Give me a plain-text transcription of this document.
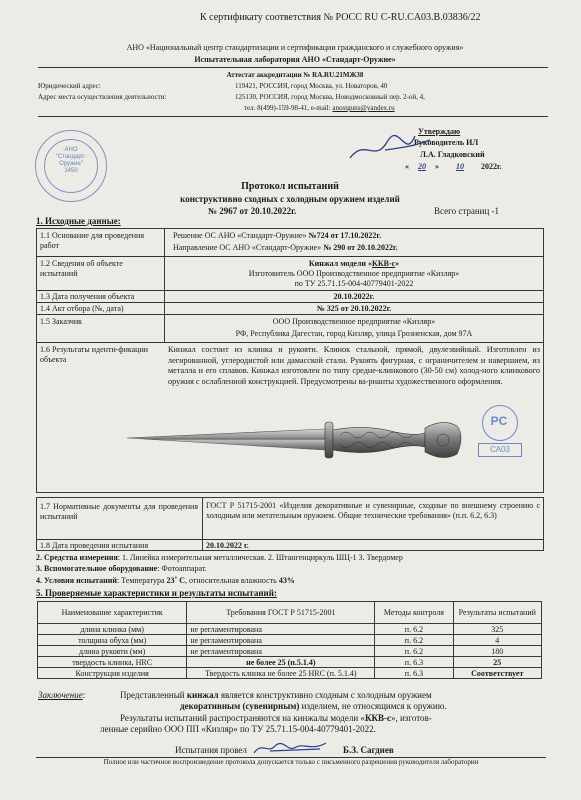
К сертификату соответствия № РОСС RU С-RU.CA03.B.03836/22
АНО «Национальный центр стандартизации и сертификации гражданского и служебного оружия»
Испытательная лаборатория АНО «Стандарт-Оружие»
Аттестат аккредитации № RA.RU.21МЖ38
Юридический адрес:	119421, РОССИЯ, город Москва, ул. Новаторов, 40
Адрес места осуществления деятельности:	125130, РОССИЯ, город Москва, Новодмосковный пер. 2-ой, 4,
тел. 8(499)-159-98-41, e-mail: anostguns@yandex.ru
АНО
"Стандарт-
Оружие"
1450
Утверждаю
Руководитель ИЛ
Л.А. Гладковский
« 20 » 10 2022г.
Протокол испытаний
конструктивно сходных с холодным оружием изделий
№ 2967 от 20.10.2022г.	Всего страниц -1
1. Исходные данные:
1.1 Основание для проведения работ
Решение ОС АНО «Стандарт-Оружие» №724 от 17.10.2022г.
Направление ОС АНО «Стандарт-Оружие» № 290 от 20.10.2022г.
1.2 Сведения об объекте испытаний
Кинжал модели «ККВ-с»
Изготовитель ООО Производственное предприятие «Кизляр»
по ТУ 25.71.15-004-40779401-2022
1.3 Дата получения объекта	20.10.2022г.
1.4 Акт отбора (№, дата)	№ 325 от 20.10.2022г.
1.5 Заказчик	ООО Производственное предприятие «Кизляр»
РФ, Республика Дагестан, город Кизляр, улица Грозненская, дом 97А
1.6 Результаты иденти-фикации объекта
Кинжал состоит из клинка и рукояти. Клинок стальной, прямой, двулезвийный. Изготовлен из легированной, углеродистой или дамасской стали. Рукоять фигурная, с ограничителем и навершием, из металла и его сплавов. Кинжал изготовлен по типу средне-клинкового (30-50 см) холод-ного клинкового оружия с ослабленной конструкцией. Предусмотрены ва-рианты художественного оформления.
PC
СА03
1.7 Нормативные документы для проведения испытаний
ГОСТ Р 51715-2001 «Изделия декоративные и сувенирные, сходные по внешнему строению с холодным или метательным оружием. Общие технические требования» (п.п. 6.2, 6.3)
1.8 Дата проведения испытания	20.10.2022 г.
2. Средства измерения: 1. Линейка измерительная металлическая. 2. Штангенциркуль ШЦ-1 3. Твердомер
3. Вспомогательное оборудование: Фотоаппарат.
4. Условия испытаний: Температура 23˚ С, относительная влажность 43%
5. Проверяемые характеристики и результаты испытаний:
Наименование характеристик	Требования ГОСТ Р 51715-2001	Методы контроля	Результаты испытаний
длина клинка (мм)	не регламентирована	п. 6.2	325
толщина обуха (мм)	не регламентирована	п. 6.2	4
длина рукояти (мм)	не регламентирована	п. 6.2	180
твердость клинка, HRC	не более 25 (п.5.1.4)	п. 6.3	25
Конструкция изделия	Твердость клинка не более 25 HRC (п. 5.1.4)	п. 6.3	Соответствует
Заключение:	Представленный кинжал является конструктивно сходным с холодным оружием
декоративным (сувенирным) изделием, не относящимся к оружию.
Результаты испытаний распространяются на кинжалы модели «ККВ-с», изготов-
ленные серийно ООО ПП «Кизляр» по ТУ 25.71.15-004-40779401-2022.
Испытания провел	Б.З. Сагдиев
Полное или частичное воспроизведение протокола допускается только с письменного разрешения руководителя лаборатории
